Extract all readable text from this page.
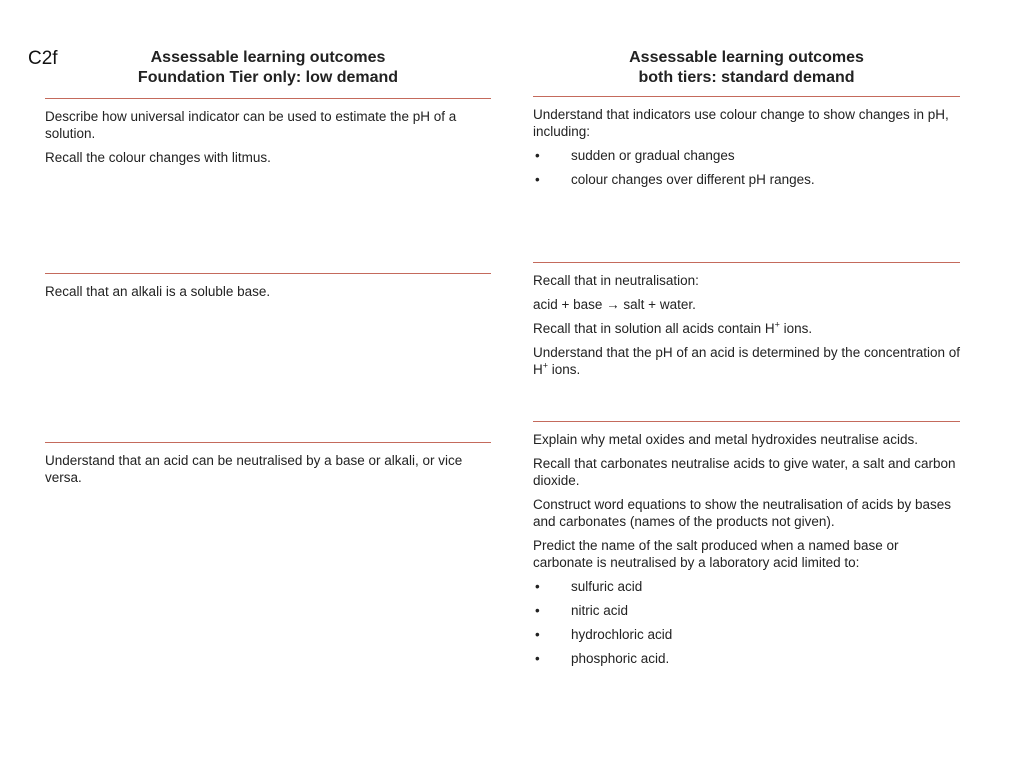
C2f	Assessable learning outcomes
Foundation Tier only: low demand

Describe how universal indicator can be used to estimate the pH of a solution.

Recall the colour changes with litmus.

Recall that an alkali is a soluble base.

Understand that an acid can be neutralised by a base or alkali, or vice versa.

Assessable learning outcomes
both tiers: standard demand

Understand that indicators use colour change to show changes in pH, including:

• sudden or gradual changes
• colour changes over different pH ranges.

Recall that in neutralisation:

acid + base → salt + water.

Recall that in solution all acids contain H+ ions.

Understand that the pH of an acid is determined by the concentration of H+ ions.

Explain why metal oxides and metal hydroxides neutralise acids.

Recall that carbonates neutralise acids to give water, a salt and carbon dioxide.

Construct word equations to show the neutralisation of acids by bases and carbonates (names of the products not given).

Predict the name of the salt produced when a named base or carbonate is neutralised by a laboratory acid limited to:

• sulfuric acid
• nitric acid
• hydrochloric acid
• phosphoric acid.
